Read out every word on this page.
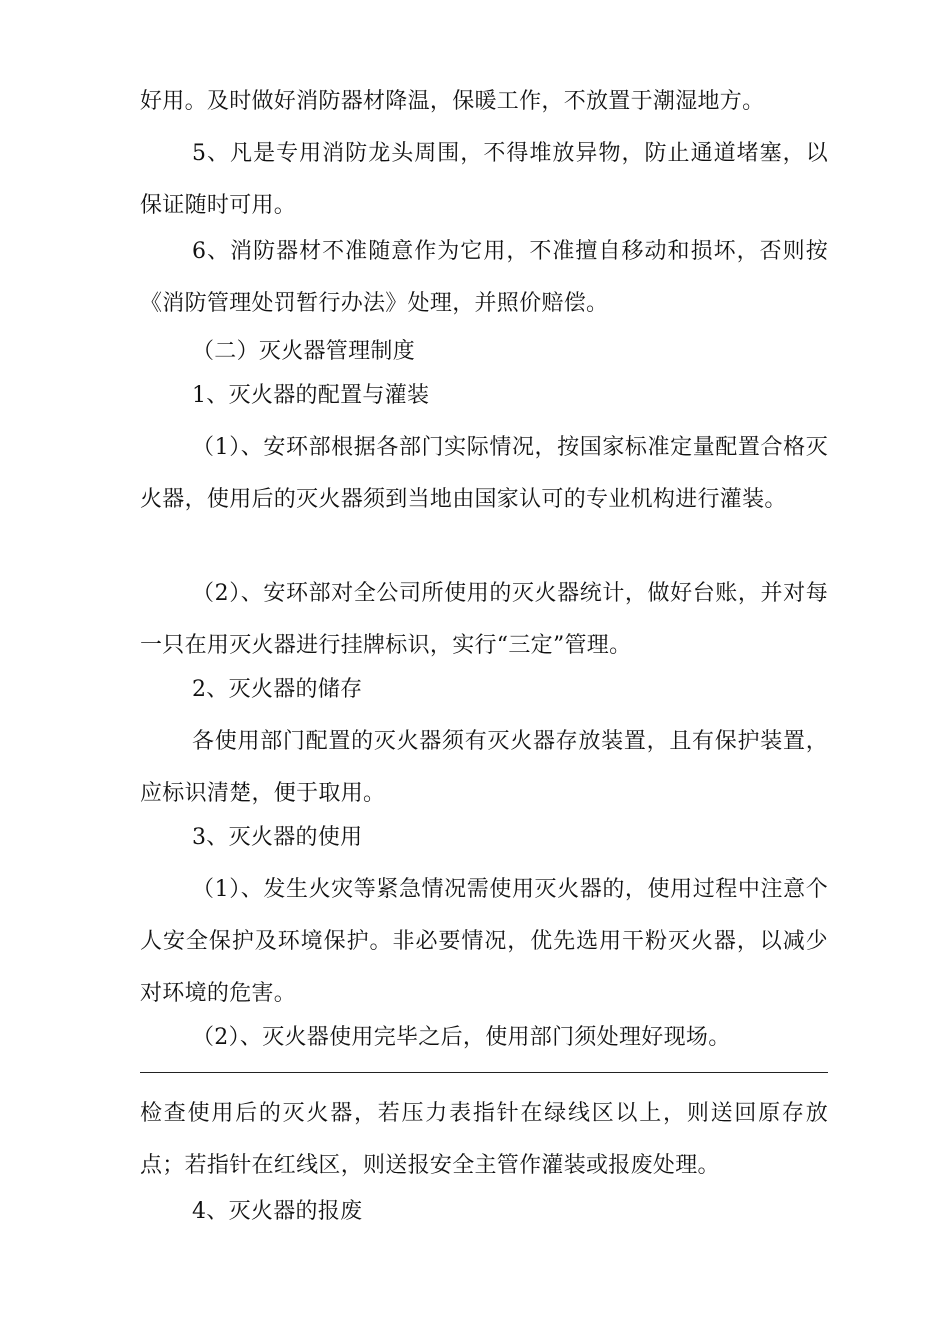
好用。及时做好消防器材降温，保暖工作，不放置于潮湿地方。

5、凡是专用消防龙头周围，不得堆放异物，防止通道堵塞，以保证随时可用。

6、消防器材不准随意作为它用，不准擅自移动和损坏，否则按《消防管理处罚暂行办法》处理，并照价赔偿。

（二）灭火器管理制度

1、灭火器的配置与灌装

（1）、安环部根据各部门实际情况，按国家标准定量配置合格灭火器，使用后的灭火器须到当地由国家认可的专业机构进行灌装。

（2）、安环部对全公司所使用的灭火器统计，做好台账，并对每一只在用灭火器进行挂牌标识，实行“三定”管理。

2、灭火器的储存

各使用部门配置的灭火器须有灭火器存放装置，且有保护装置，应标识清楚，便于取用。

3、灭火器的使用

（1）、发生火灾等紧急情况需使用灭火器的，使用过程中注意个人安全保护及环境保护。非必要情况，优先选用干粉灭火器，以减少对环境的危害。

（2）、灭火器使用完毕之后，使用部门须处理好现场。

检查使用后的灭火器，若压力表指针在绿线区以上，则送回原存放点；若指针在红线区，则送报安全主管作灌装或报废处理。

4、灭火器的报废
